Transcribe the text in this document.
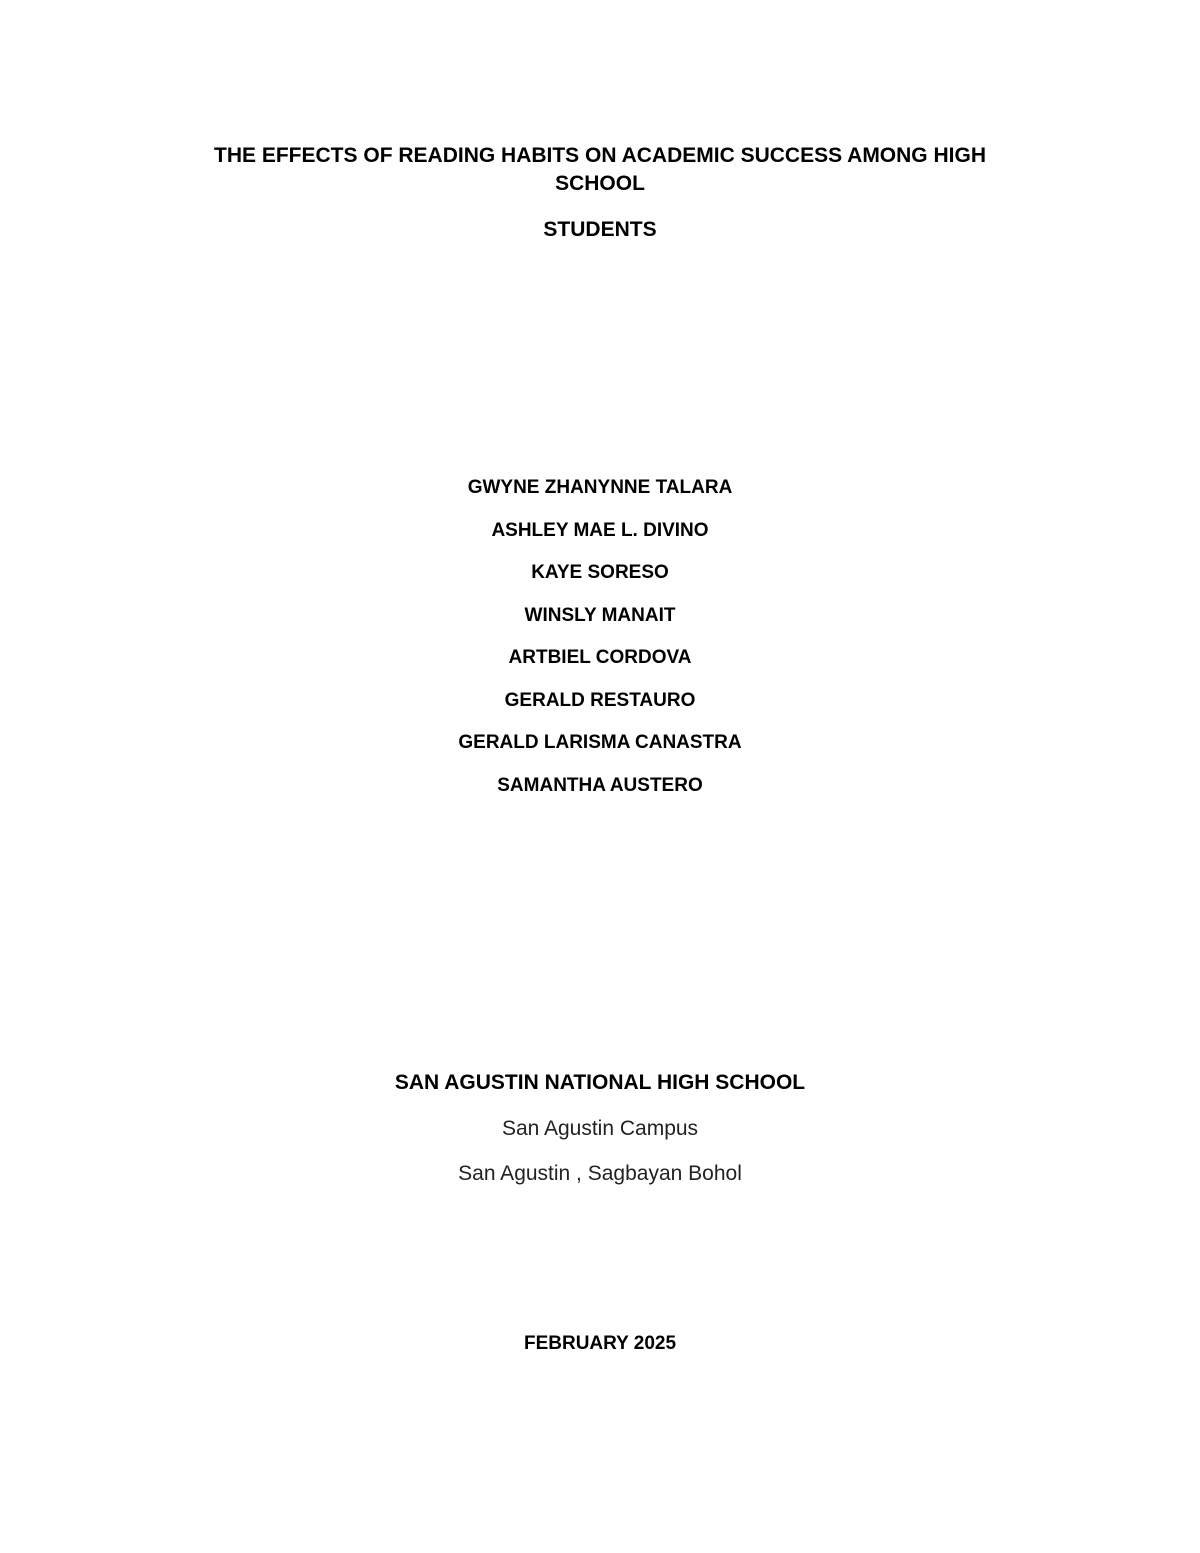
THE EFFECTS OF READING HABITS ON ACADEMIC SUCCESS AMONG HIGH
SCHOOL
STUDENTS
GWYNE ZHANYNNE TALARA
ASHLEY MAE L. DIVINO
KAYE SORESO
WINSLY MANAIT
ARTBIEL CORDOVA
GERALD RESTAURO
GERALD LARISMA CANASTRA
SAMANTHA AUSTERO
SAN AGUSTIN NATIONAL HIGH SCHOOL
San Agustin Campus
San Agustin , Sagbayan Bohol
FEBRUARY 2025
